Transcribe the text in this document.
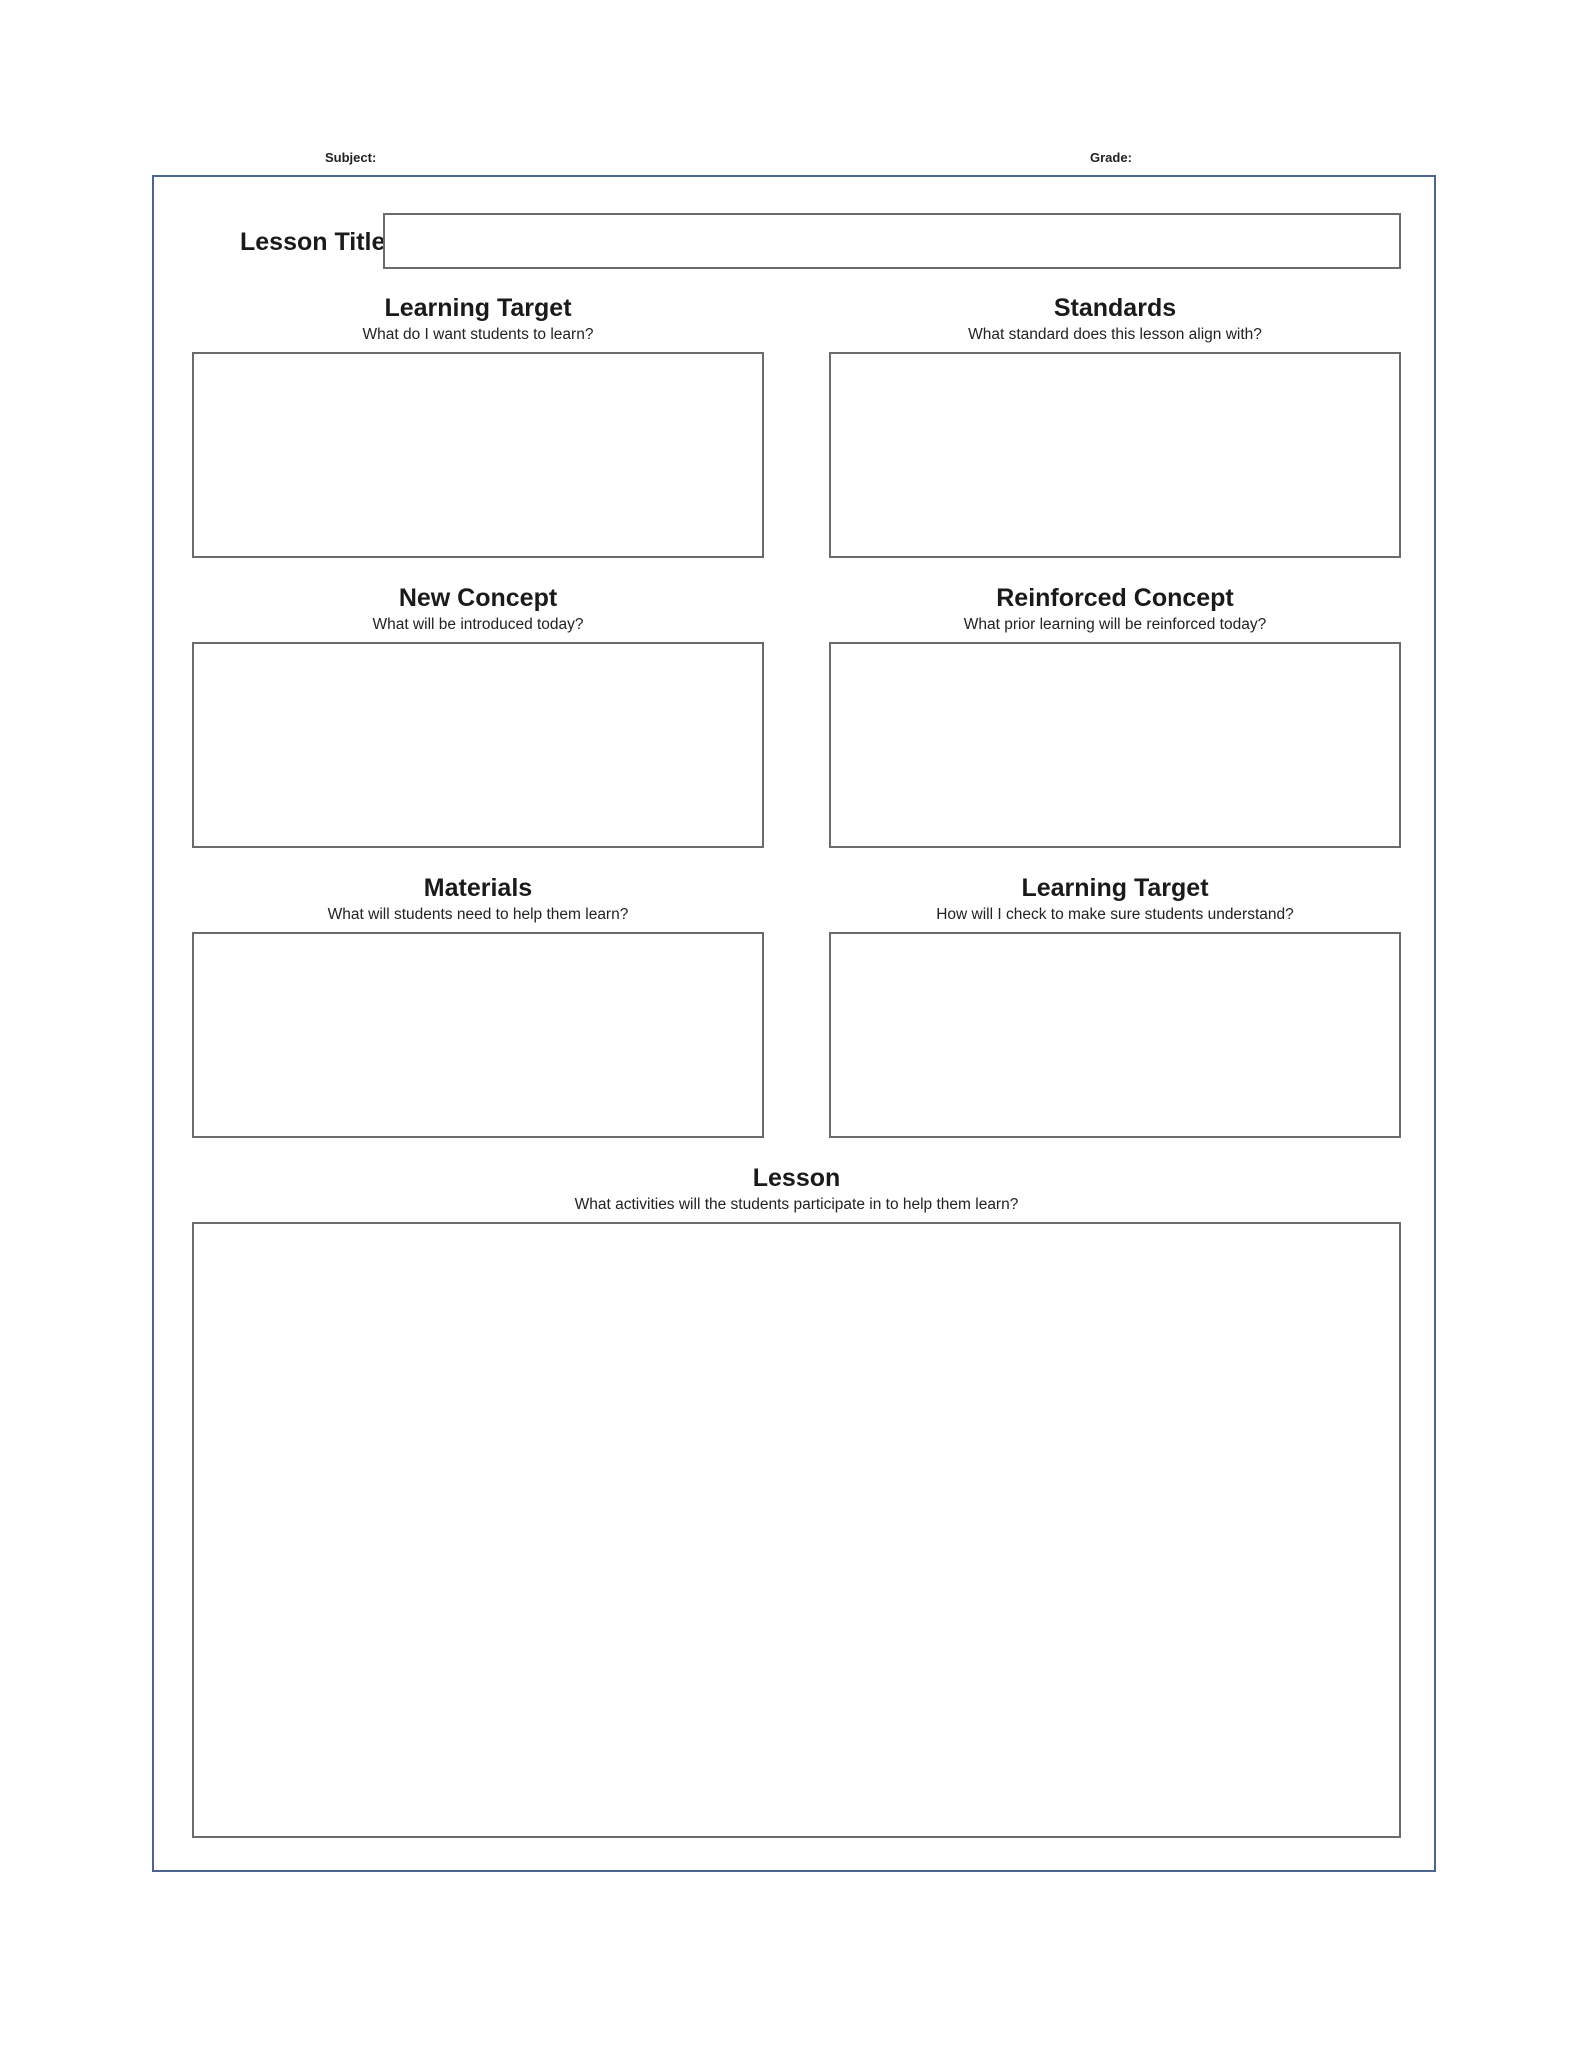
Subject:	Grade:
Lesson Title
Learning Target
What do I want students to learn?
Standards
What standard does this lesson align with?
New Concept
What will be introduced today?
Reinforced Concept
What prior learning will be reinforced today?
Materials
What will students need to help them learn?
Learning Target
How will I check to make sure students understand?
Lesson
What activities will the students participate in to help them learn?
